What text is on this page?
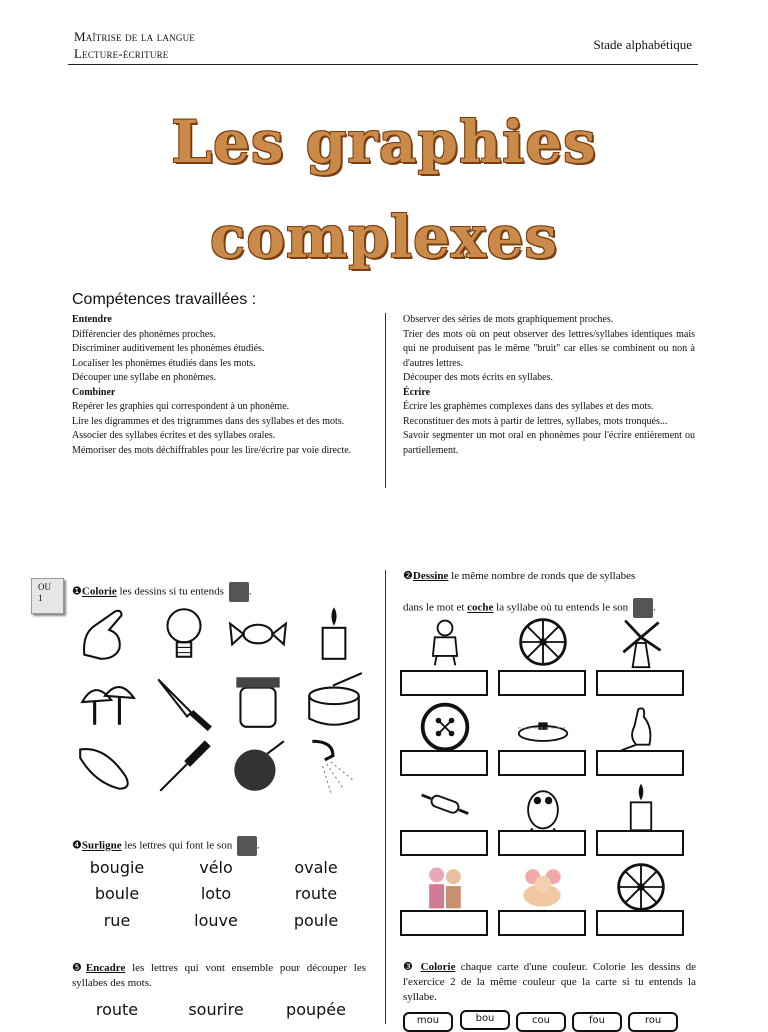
Maîtrise de la langue
Lecture-écriture
Stade alphabétique
Les graphies
complexes
Compétences travaillées :

Entendre

Différencier des phonèmes proches.

Discriminer auditivement les phonèmes étudiés.

Localiser les phonèmes étudiés dans les mots.

Découper une syllabe en phonèmes.

Combiner

Repérer les graphies qui correspondent à un phonème.

Lire les digrammes et des trigrammes dans des syllabes et des mots.

Associer des syllabes écrites et des syllabes orales.

Mémoriser des mots déchiffrables pour les lire/écrire par voie directe.

Observer des séries de mots graphiquement proches.

Trier des mots où on peut observer des lettres/syllabes identiques mais qui ne produisent pas le même "bruit" car elles se combinent ou non à d'autres lettres.

Découper des mots écrits en syllabes.

Écrire

Écrire les graphèmes complexes dans des syllabes et des mots.

Reconstituer des mots à partir de lettres, syllabes, mots tronqués...

Savoir segmenter un mot oral en phonèmes pour l'écrire entièrement ou partiellement.

OU
1
❶Colorie les dessins si tu entends .
❹Surligne les lettres qui font le son .
bougie	vélo	ovale
boule	loto	route
rue	louve	poule
❺Encadre les lettres qui vont ensemble pour découper les syllabes des mots.
route	sourire	poupée
❷Dessine le même nombre de ronds que de syllabes
dans le mot et coche la syllabe où tu entends le son .
❸ Colorie chaque carte d'une couleur. Colorie les dessins de l'exercice 2 de la même couleur que la carte si tu entends la syllabe.
mou	bou	cou	fou	rou
